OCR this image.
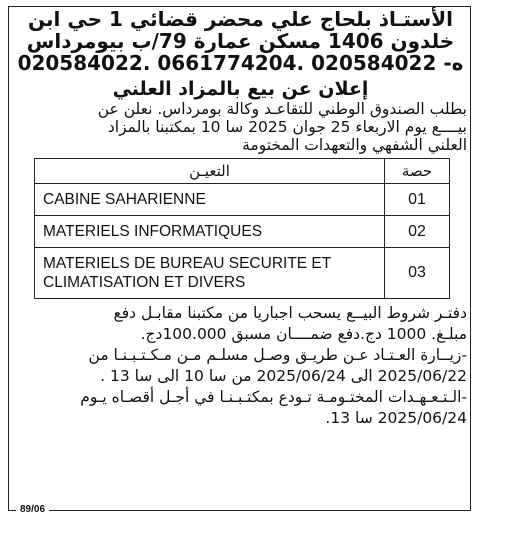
الأستـاذ بلحاج علي محضر قضائي 1 حي ابن

خلدون 1406 مسكن عمارة 79/ب بيومرداس

ه- 020584022 .0661774204 .020584022

إعلان عن بيع بالمزاد العلني

بطلب الصندوق الوطني للتقاعـد وكالة بومرداس. نعلن عن

بيــــع يوم الاربعاء 25 جوان 2025 سا 10 بمكتبنا بالمزاد

العلني الشفهي والتعهدات المختومة

حصة	التعيـن
01	CABINE SAHARIENNE
02	MATERIELS INFORMATIQUES
03	MATERIELS DE BUREAU SECURITE ET CLIMATISATION ET DIVERS

دفتـر شروط البيــع يسحب اجباريا من مكتبنا مقابـل دفع

مبلـغ. 1000 دج.دفع ضمــــان مسبق 100.000دج.

-زيــارة العـتـاد عـن طريـق وصـل مسلـم مـن مـكـتـبـنـا من

2025/06/22 الى 2025/06/24 من سا 10 الى سا 13 .

-الـتـعـهـدات المختـومـة تـودع بمكتـبـنـا في أجـل أقصـاه يـوم

2025/06/24 سا 13.

89/06
